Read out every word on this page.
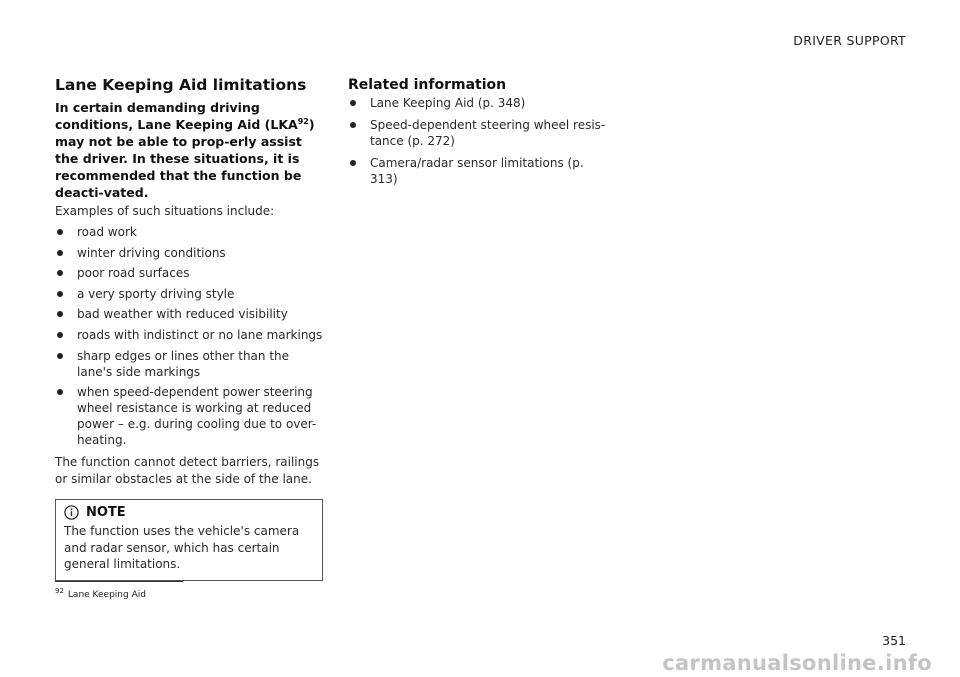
DRIVER SUPPORT
Lane Keeping Aid limitations

In certain demanding driving conditions, Lane Keeping Aid (LKA$^{92}$) may not be able to prop-erly assist the driver. In these situations, it is recommended that the function be deacti-vated.

Examples of such situations include:

road work
winter driving conditions
poor road surfaces
a very sporty driving style
bad weather with reduced visibility
roads with indistinct or no lane markings
sharp edges or lines other than the lane's side markings
when speed-dependent power steering wheel resistance is working at reduced power – e.g. during cooling due to over-heating.

The function cannot detect barriers, railings or similar obstacles at the side of the lane.

NOTE
The function uses the vehicle's camera and radar sensor, which has certain general limitations.
Related information
Lane Keeping Aid (p. 348)
Speed-dependent steering wheel resis-tance (p. 272)
Camera/radar sensor limitations (p. 313)
$^{92}$ Lane Keeping Aid
351
carmanualsonline.info
